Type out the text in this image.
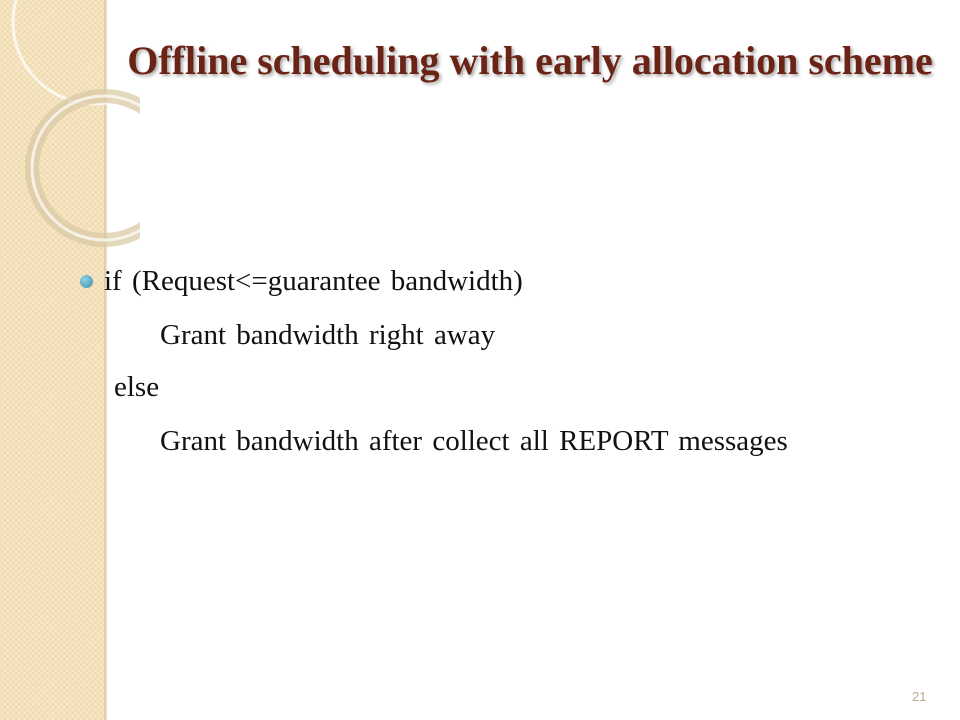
Offline scheduling with early allocation scheme
if (Request<=guarantee bandwidth)
Grant bandwidth right away
else
Grant bandwidth after collect all REPORT messages
21
